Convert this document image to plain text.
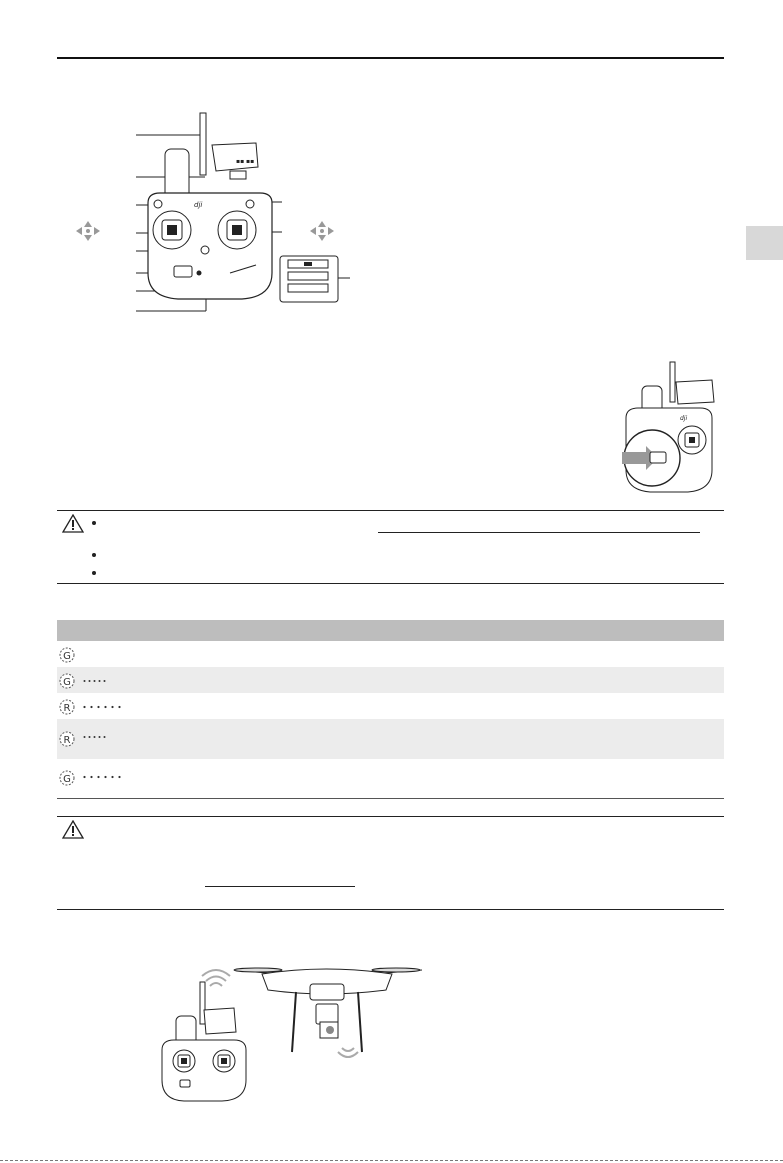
▪▪ ▪▪
dji
dji
G
G
R
R
G
